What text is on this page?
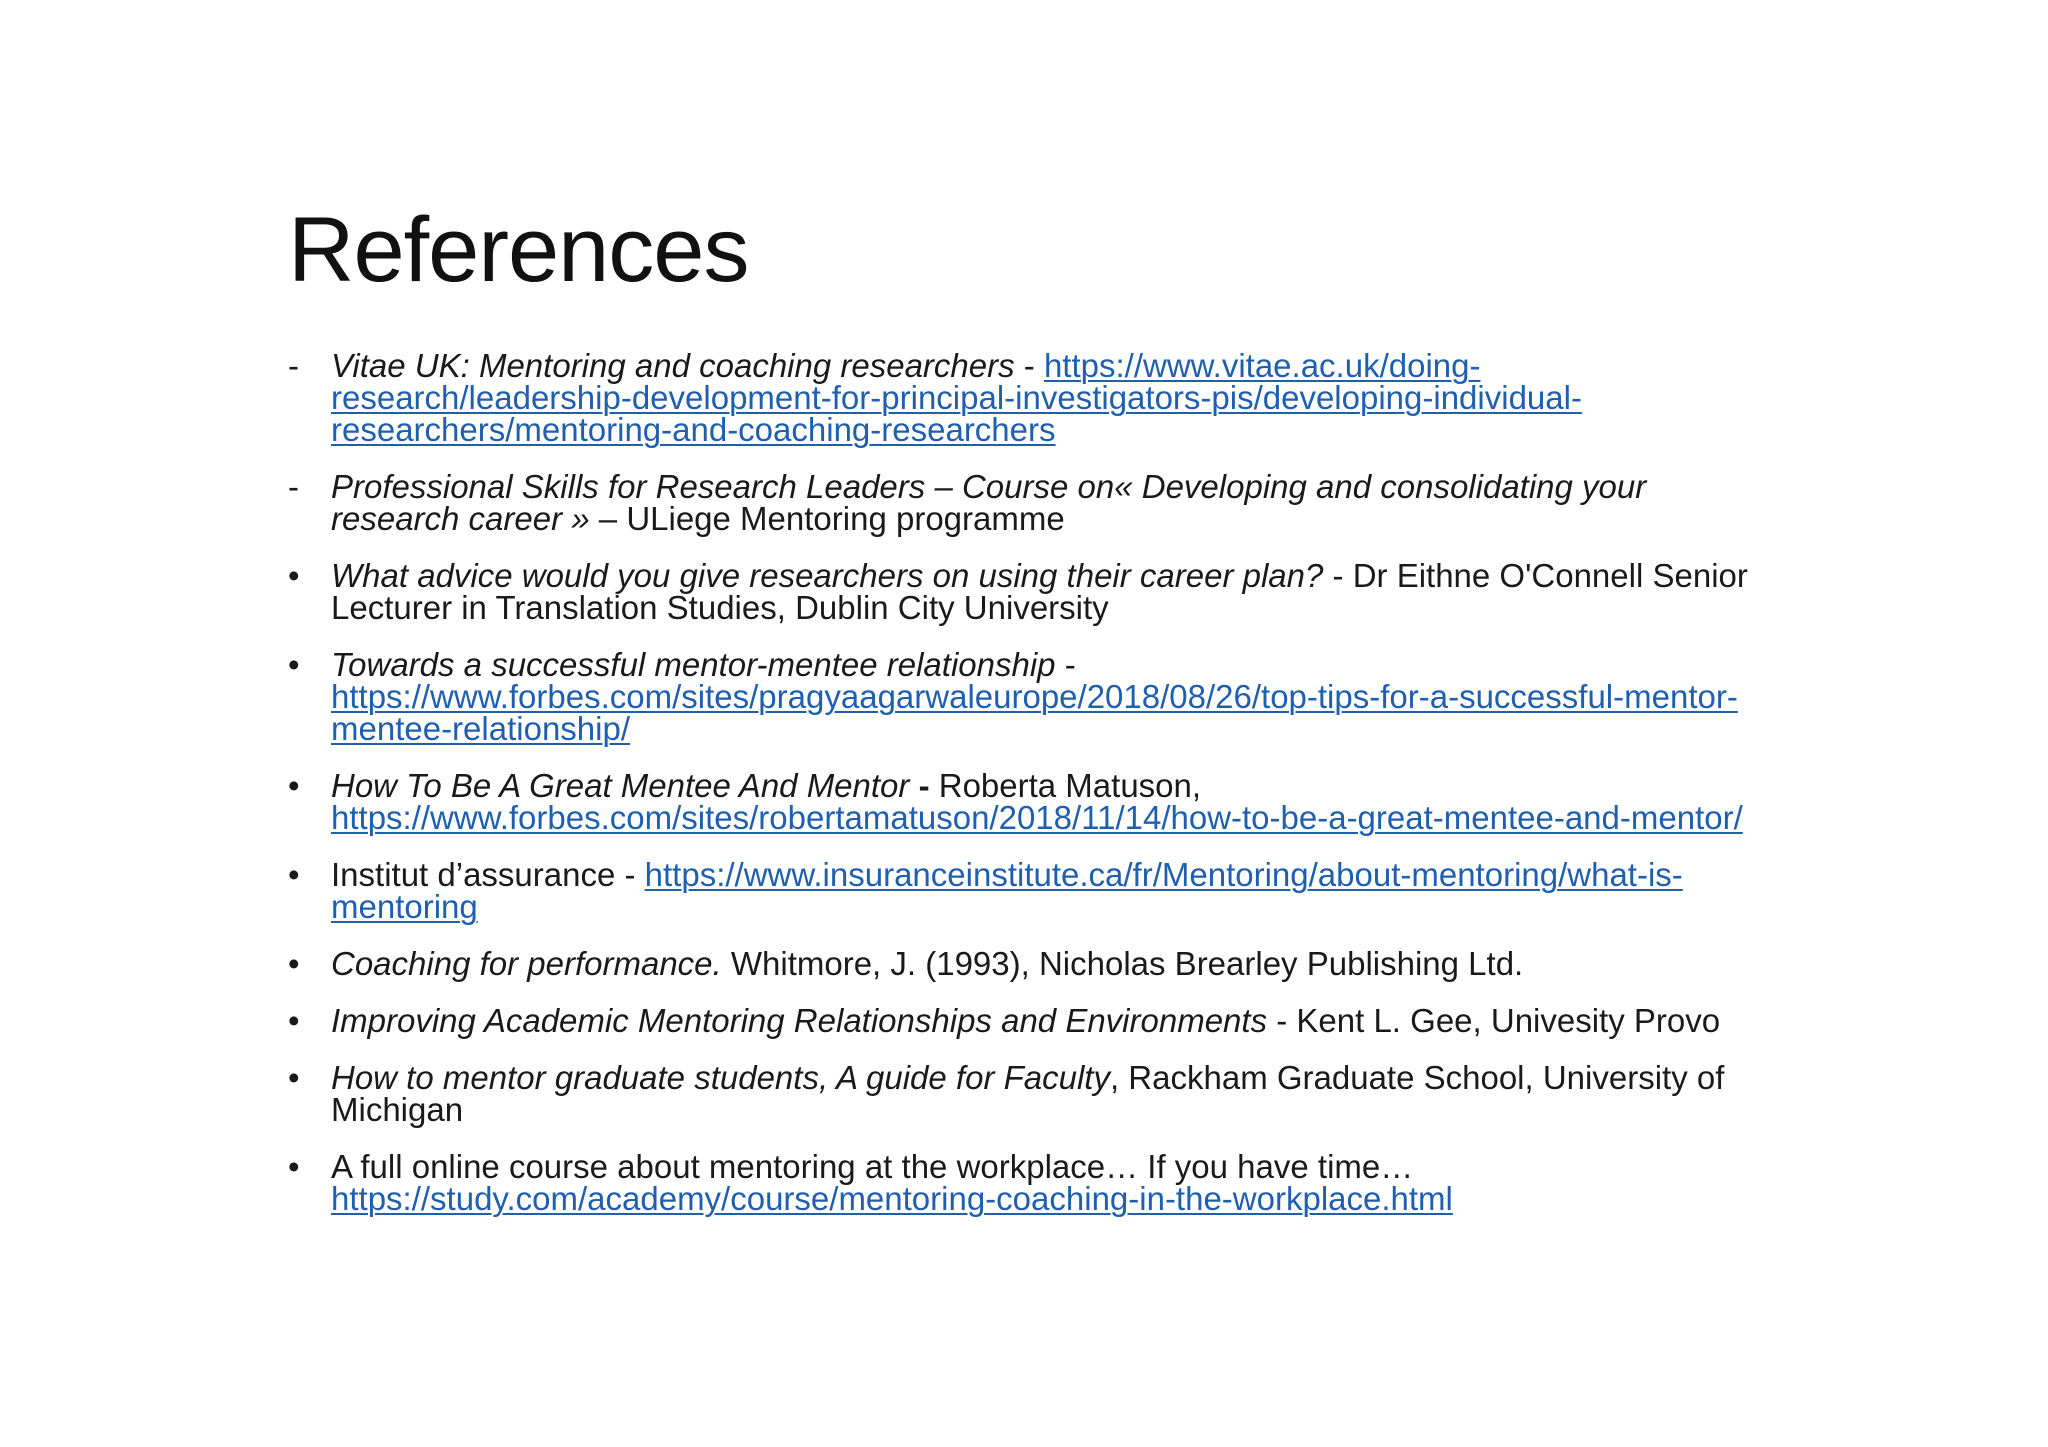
References
- Vitae UK: Mentoring and coaching researchers - https://www.vitae.ac.uk/doing-research/leadership-development-for-principal-investigators-pis/developing-individual-researchers/mentoring-and-coaching-researchers
- Professional Skills for Research Leaders – Course on« Developing and consolidating your research career » – ULiege Mentoring programme
• What advice would you give researchers on using their career plan? - Dr Eithne O'Connell Senior Lecturer in Translation Studies, Dublin City University
• Towards a successful mentor-mentee relationship -
https://www.forbes.com/sites/pragyaagarwaleurope/2018/08/26/top-tips-for-a-successful-mentor-mentee-relationship/
• How To Be A Great Mentee And Mentor - Roberta Matuson,
https://www.forbes.com/sites/robertamatuson/2018/11/14/how-to-be-a-great-mentee-and-mentor/
• Institut d’assurance - https://www.insuranceinstitute.ca/fr/Mentoring/about-mentoring/what-is-mentoring
• Coaching for performance. Whitmore, J. (1993), Nicholas Brearley Publishing Ltd.
• Improving Academic Mentoring Relationships and Environments - Kent L. Gee, Univesity Provo
• How to mentor graduate students, A guide for Faculty, Rackham Graduate School, University of Michigan
• A full online course about mentoring at the workplace… If you have time…
https://study.com/academy/course/mentoring-coaching-in-the-workplace.html
